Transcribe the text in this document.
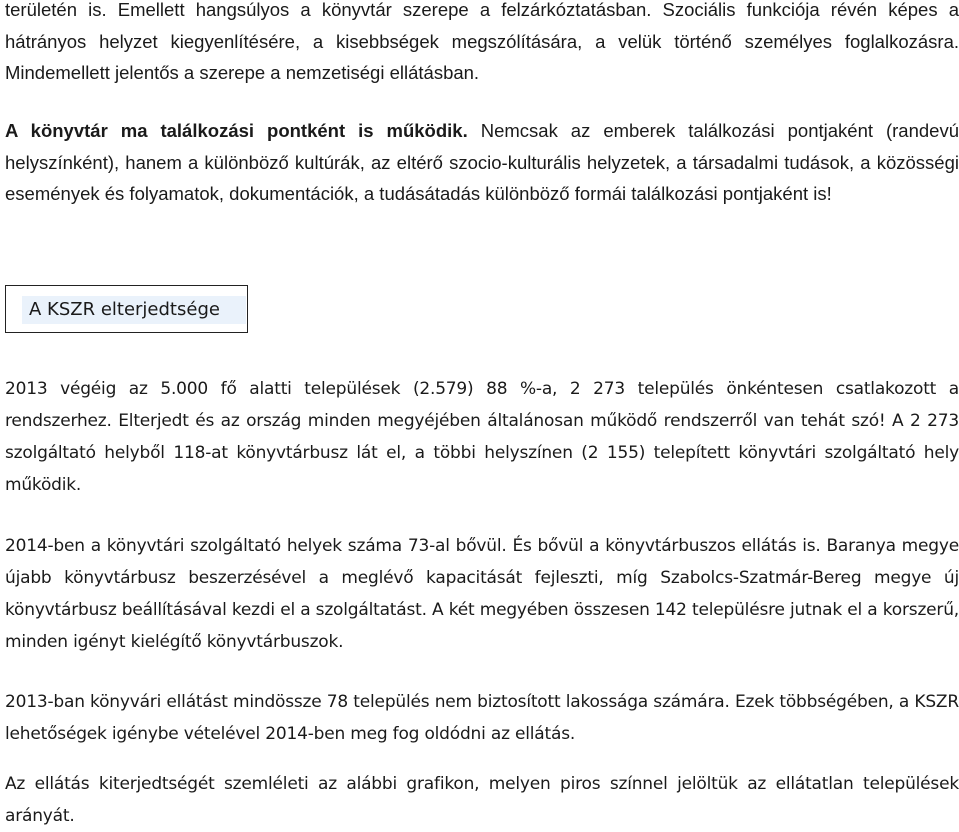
területén is. Emellett hangsúlyos a könyvtár szerepe a felzárkóztatásban. Szociális funkciója révén képes a hátrányos helyzet kiegyenlítésére, a kisebbségek megszólítására, a velük történő személyes foglalkozásra. Mindemellett jelentős a szerepe a nemzetiségi ellátásban.

A könyvtár ma találkozási pontként is működik. Nemcsak az emberek találkozási pontjaként (randevú helyszínként), hanem a különböző kultúrák, az eltérő szocio-kulturális helyzetek, a társadalmi tudások, a közösségi események és folyamatok, dokumentációk, a tudásátadás különböző formái találkozási pontjaként is!

A KSZR elterjedtsége

2013 végéig az 5.000 fő alatti települések (2.579) 88 %-a, 2 273 település önkéntesen csatlakozott a rendszerhez. Elterjedt és az ország minden megyéjében általánosan működő rendszerről van tehát szó! A 2 273 szolgáltató helyből 118-at könyvtárbusz lát el, a többi helyszínen (2 155) telepített könyvtári szolgáltató hely működik.

2014-ben a könyvtári szolgáltató helyek száma 73-al bővül. És bővül a könyvtárbuszos ellátás is. Baranya megye újabb könyvtárbusz beszerzésével a meglévő kapacitását fejleszti, míg Szabolcs-Szatmár-Bereg megye új könyvtárbusz beállításával kezdi el a szolgáltatást. A két megyében összesen 142 településre jutnak el a korszerű, minden igényt kielégítő könyvtárbuszok.

2013-ban könyvári ellátást mindössze 78 település nem biztosított lakossága számára. Ezek többségében, a KSZR lehetőségek igénybe vételével 2014-ben meg fog oldódni az ellátás.

Az ellátás kiterjedtségét szemléleti az alábbi grafikon, melyen piros színnel jelöltük az ellátatlan települések arányát.
